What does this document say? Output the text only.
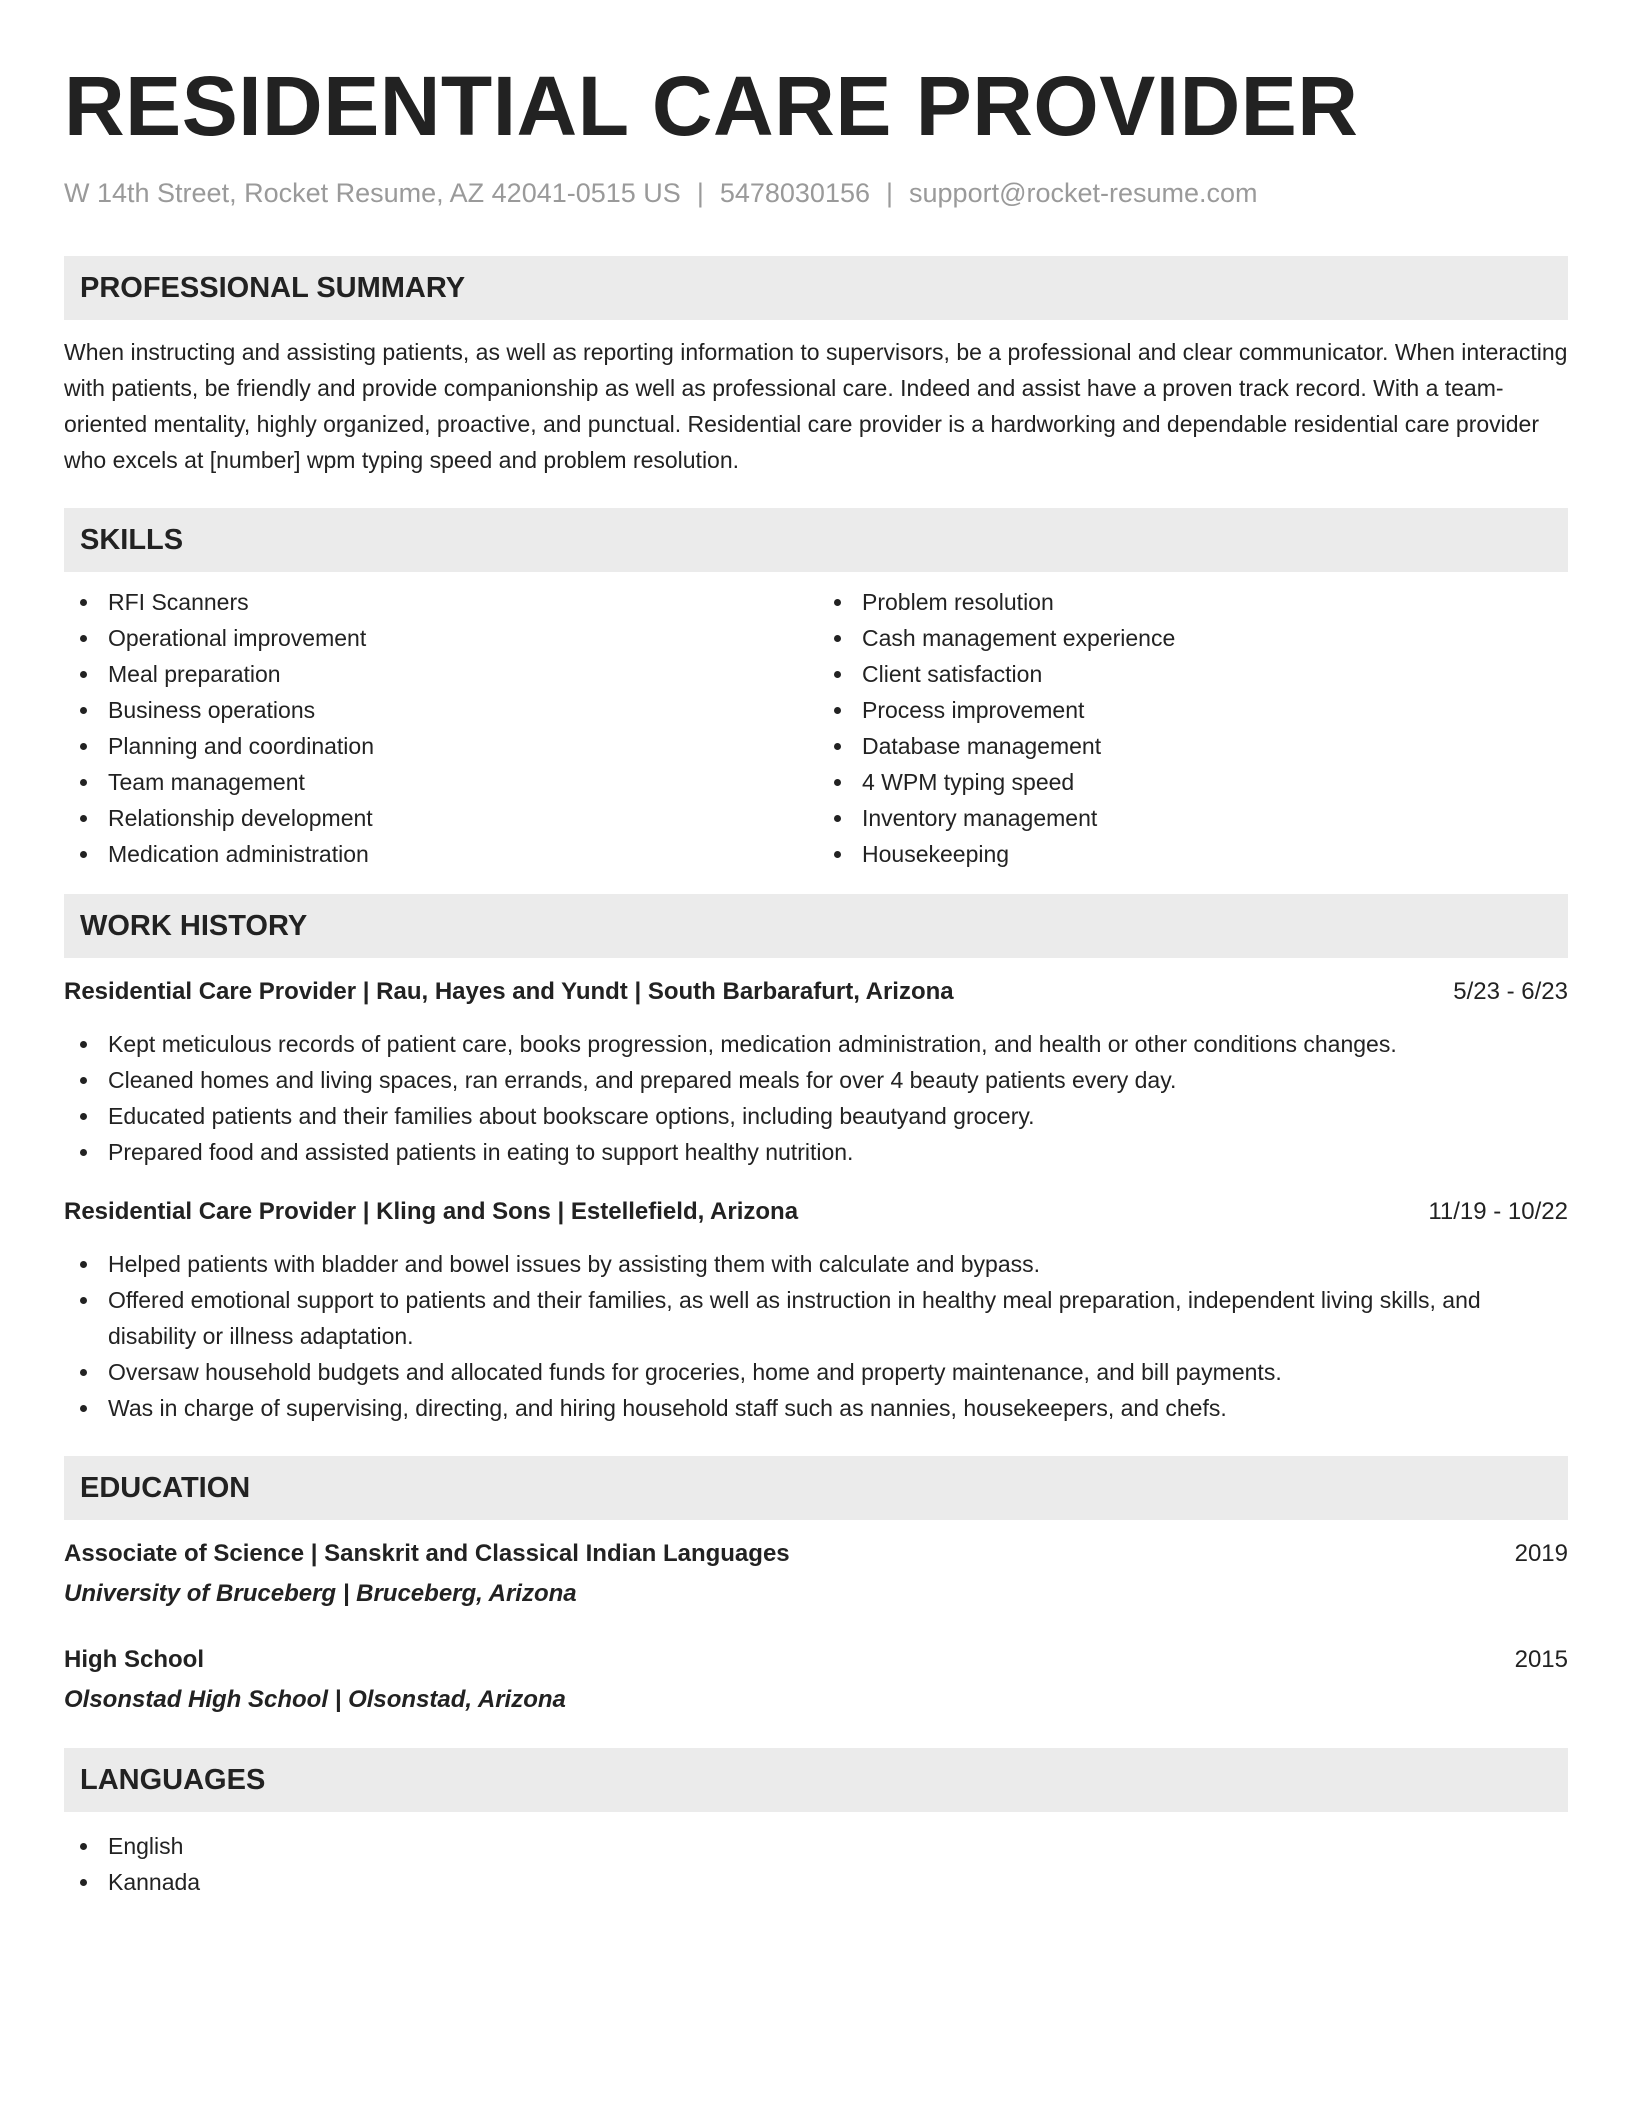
RESIDENTIAL CARE PROVIDER
W 14th Street, Rocket Resume, AZ 42041-0515 US | 5478030156 | support@rocket-resume.com
PROFESSIONAL SUMMARY

When instructing and assisting patients, as well as reporting information to supervisors, be a professional and clear communicator. When interacting with patients, be friendly and provide companionship as well as professional care. Indeed and assist have a proven track record. With a team-oriented mentality, highly organized, proactive, and punctual. Residential care provider is a hardworking and dependable residential care provider who excels at [number] wpm typing speed and problem resolution.

SKILLS
RFI Scanners
Operational improvement
Meal preparation
Business operations
Planning and coordination
Team management
Relationship development
Medication administration
Problem resolution
Cash management experience
Client satisfaction
Process improvement
Database management
4 WPM typing speed
Inventory management
Housekeeping
WORK HISTORY
Residential Care Provider | Rau, Hayes and Yundt | South Barbarafurt, Arizona	5/23 - 6/23
Kept meticulous records of patient care, books progression, medication administration, and health or other conditions changes.
Cleaned homes and living spaces, ran errands, and prepared meals for over 4 beauty patients every day.
Educated patients and their families about bookscare options, including beautyand grocery.
Prepared food and assisted patients in eating to support healthy nutrition.
Residential Care Provider | Kling and Sons | Estellefield, Arizona	11/19 - 10/22
Helped patients with bladder and bowel issues by assisting them with calculate and bypass.
Offered emotional support to patients and their families, as well as instruction in healthy meal preparation, independent living skills, and disability or illness adaptation.
Oversaw household budgets and allocated funds for groceries, home and property maintenance, and bill payments.
Was in charge of supervising, directing, and hiring household staff such as nannies, housekeepers, and chefs.
EDUCATION
Associate of Science | Sanskrit and Classical Indian Languages	2019
University of Bruceberg | Bruceberg, Arizona
High School	2015
Olsonstad High School | Olsonstad, Arizona
LANGUAGES
English
Kannada
